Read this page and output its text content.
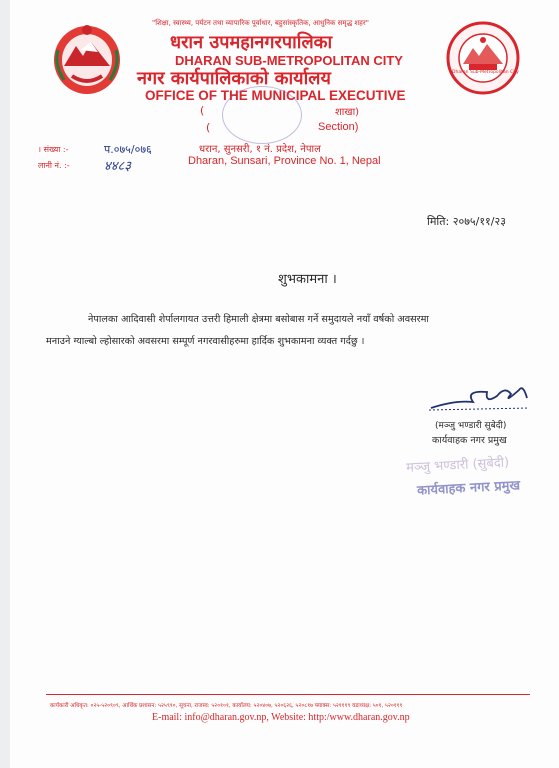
Dharan Sub-Metropolitan City
"शिक्षा, स्वास्थ्य, पर्यटन तथा व्यापारिक पूर्वाधार, बहुसांस्कृतिक, आधुनिक समृद्ध शहर"
धरान उपमहानगरपालिका
DHARAN SUB-METROPOLITAN CITY
नगर कार्यपालिकाको कार्यालय
OFFICE OF THE MUNICIPAL EXECUTIVE
(	शाखा)
(	Section)
धरान, सुनसरी, १ नं. प्रदेश, नेपाल
Dharan, Sunsari, Province No. 1, Nepal
। संख्या :-	प.०७५/०७६
लानी नं. :-	४४८३
मिति: २०७५/११/२३
शुभकामना ।
नेपालका आदिवासी शेर्पालगायत उत्तरी हिमाली क्षेत्रमा बसोबास गर्ने समुदायले नयाँ वर्षको अवसरमा
मनाउने ग्याल्बो ल्होसारको अवसरमा सम्पूर्ण नगरवासीहरुमा हार्दिक शुभकामना व्यक्त गर्दछु ।
(मञ्जु भण्डारी सुबेदी)
कार्यवाहक नगर प्रमुख
मञ्जु भण्डारी (सुबेदी)
कार्यवाहक नगर प्रमुख
कार्यकारी अधिकृत: ०२५-५२०९०९, आर्थिक प्रशासन: ५२५९९०, सूचना, राजस्व: ५२०१०१, कार्यालय: ५२०४०७, ५२०६२६, ५२०८१७ फ्याक्स: ५२१११९ वडाध्यक्ष: ५०१, ५२०१११
E-mail: info@dharan.gov.np, Website: http:/www.dharan.gov.np
